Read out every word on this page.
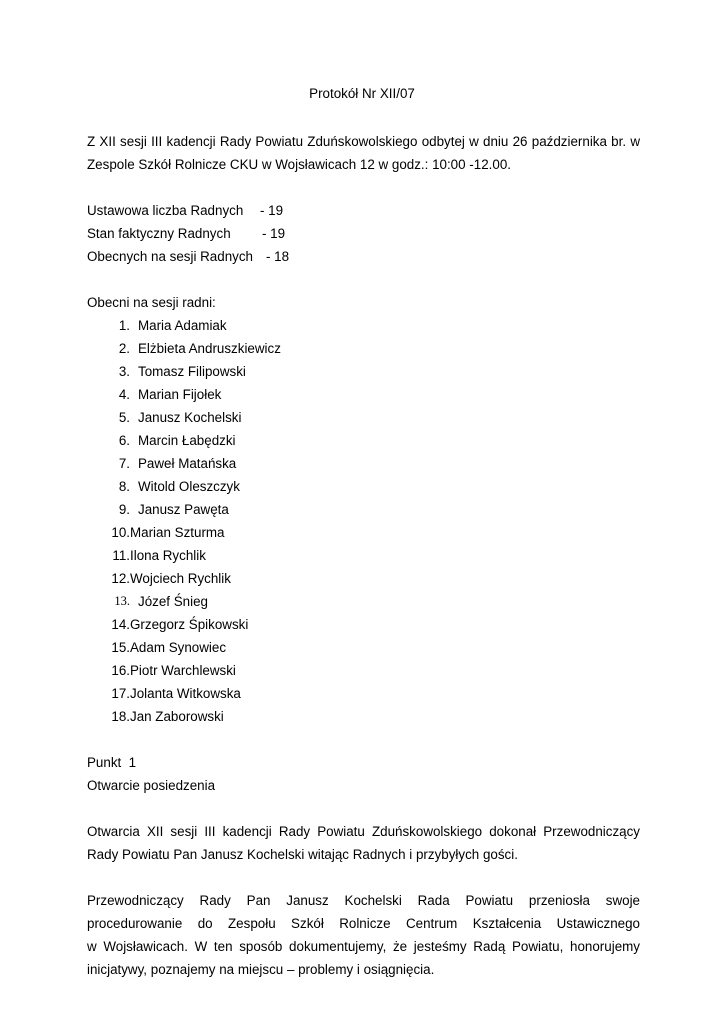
Protokół Nr XII/07
Z XII sesji III kadencji Rady Powiatu Zduńskowolskiego odbytej w dniu 26 października br. w
Zespole Szkół Rolnicze CKU w Wojsławicach 12 w godz.: 10:00 -12.00.
Ustawowa liczba Radnych	- 19
Stan faktyczny Radnych	- 19
Obecnych na sesji Radnych - 18
Obecni na sesji radni:
1. Maria Adamiak
2. Elżbieta Andruszkiewicz
3. Tomasz Filipowski
4. Marian Fijołek
5. Janusz Kochelski
6. Marcin Łabędzki
7. Paweł Matańska
8. Witold Oleszczyk
9. Janusz Pawęta
10. Marian Szturma
11. Ilona Rychlik
12. Wojciech Rychlik
13. Józef Śnieg
14. Grzegorz Śpikowski
15. Adam Synowiec
16. Piotr Warchlewski
17. Jolanta Witkowska
18. Jan Zaborowski
Punkt  1
Otwarcie posiedzenia
Otwarcia XII sesji III kadencji Rady Powiatu Zduńskowolskiego dokonał Przewodniczący
Rady Powiatu Pan Janusz Kochelski witając Radnych i przybyłych gości.
Przewodniczący Rady Pan Janusz Kochelski Rada Powiatu przeniosła swoje
procedurowanie do Zespołu Szkół Rolnicze Centrum Kształcenia Ustawicznego
w Wojsławicach. W ten sposób dokumentujemy, że jesteśmy Radą Powiatu, honorujemy
inicjatywy, poznajemy na miejscu – problemy i osiągnięcia.
